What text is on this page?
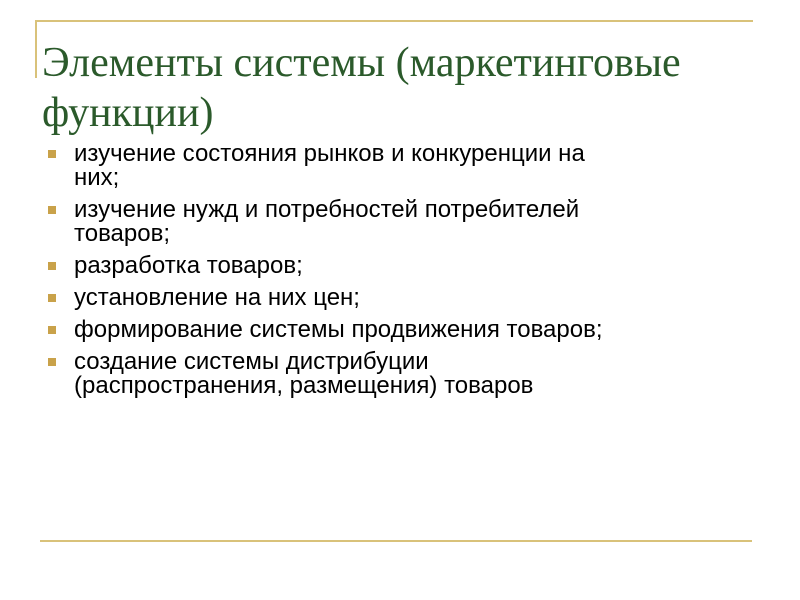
Элементы системы (маркетинговые
функции)
изучение состояния рынков и конкуренции на
них;
изучение нужд и потребностей потребителей
товаров;
разработка товаров;
установление на них цен;
формирование системы продвижения товаров;
создание системы дистрибуции
(распространения, размещения) товаров
